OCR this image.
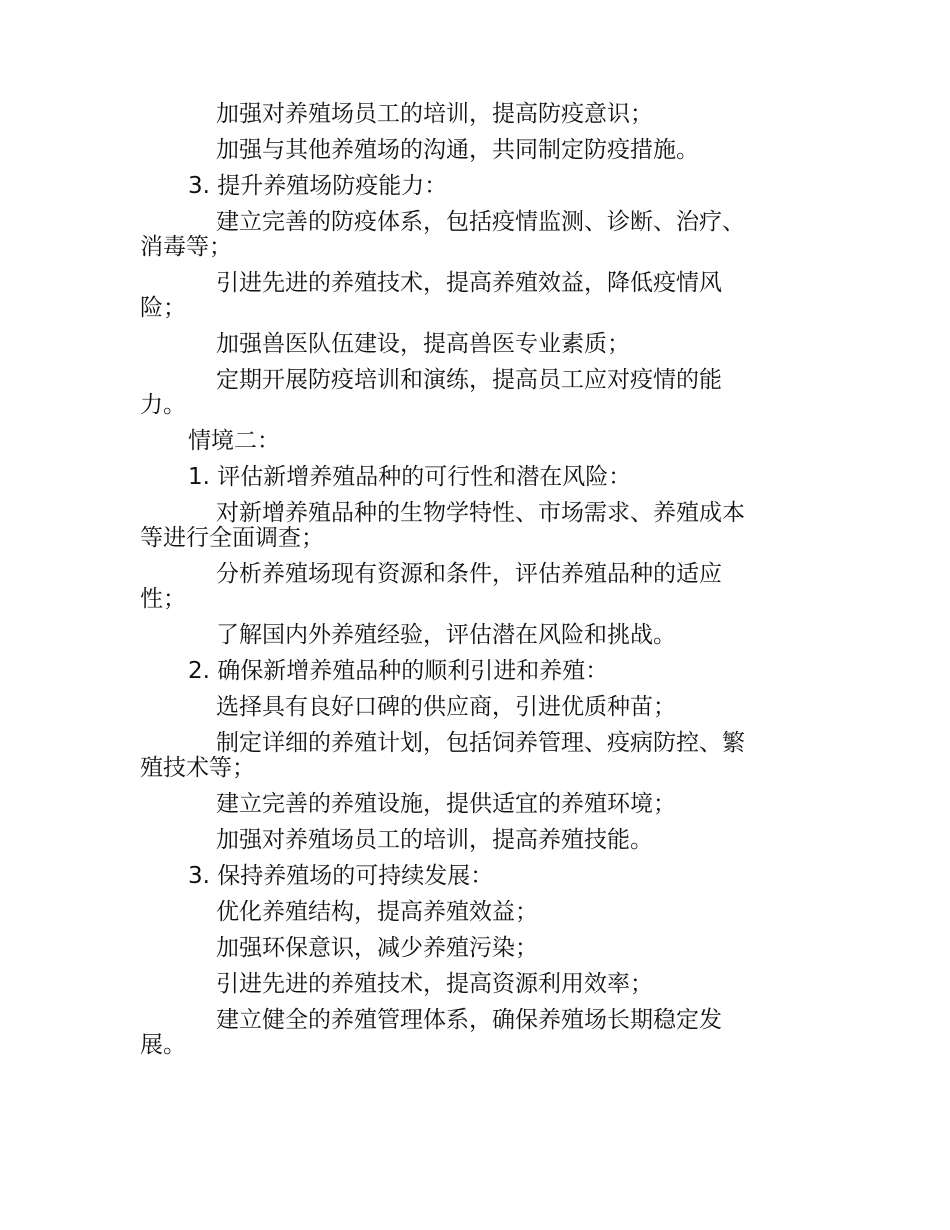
加强对养殖场员工的培训，提高防疫意识；
加强与其他养殖场的沟通，共同制定防疫措施。
3. 提升养殖场防疫能力：
建立完善的防疫体系，包括疫情监测、诊断、治疗、
消毒等；
引进先进的养殖技术，提高养殖效益，降低疫情风
险；
加强兽医队伍建设，提高兽医专业素质；
定期开展防疫培训和演练，提高员工应对疫情的能
力。
情境二：
1. 评估新增养殖品种的可行性和潜在风险：
对新增养殖品种的生物学特性、市场需求、养殖成本
等进行全面调查；
分析养殖场现有资源和条件，评估养殖品种的适应
性；
了解国内外养殖经验，评估潜在风险和挑战。
2. 确保新增养殖品种的顺利引进和养殖：
选择具有良好口碑的供应商，引进优质种苗；
制定详细的养殖计划，包括饲养管理、疫病防控、繁
殖技术等；
建立完善的养殖设施，提供适宜的养殖环境；
加强对养殖场员工的培训，提高养殖技能。
3. 保持养殖场的可持续发展：
优化养殖结构，提高养殖效益；
加强环保意识，减少养殖污染；
引进先进的养殖技术，提高资源利用效率；
建立健全的养殖管理体系，确保养殖场长期稳定发
展。
